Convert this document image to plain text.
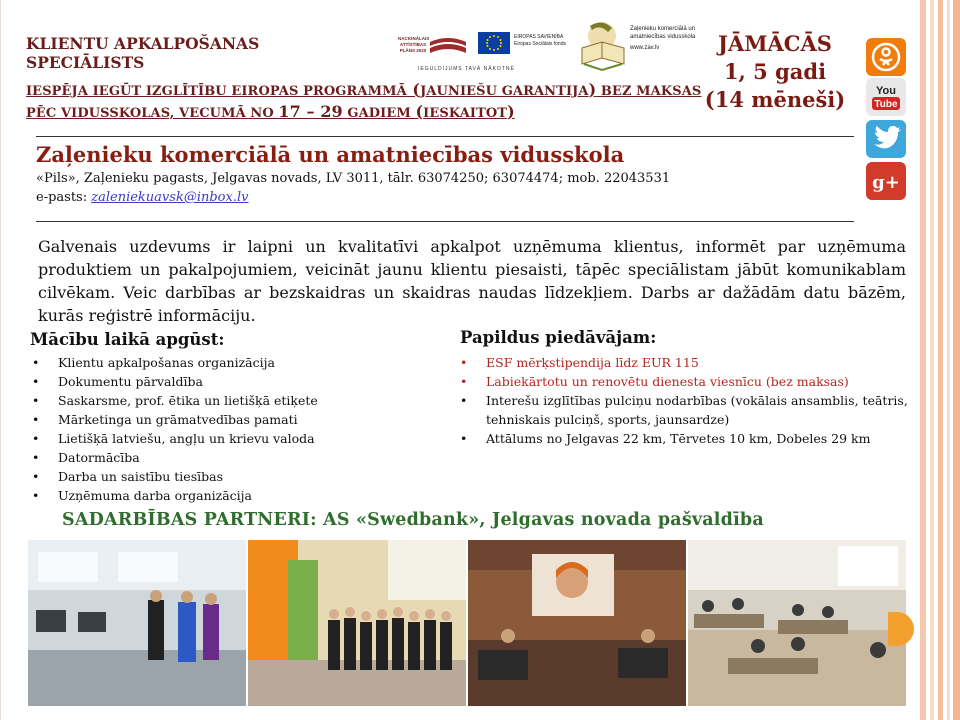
KLIENTU APKALPOŠANAS
SPECIĀLISTS
IESPĒJA IEGŪT IZGLĪTĪBU EIROPAS PROGRAMMĀ (JAUNIEŠU GARANTIJA) BEZ MAKSAS PĒC VIDUSSKOLAS, VECUMĀ NO 17 – 29 GADIEM (IESKAITOT)
NACIONĀLAIS ATTĪSTĪBAS PLĀNS 2020
EIROPAS SAVIENĪBA
Eiropas Sociālais fonds
IEGULDĪJUMS TAVĀ NĀKOTNĒ
Zaļenieku komerciālā un amatniecības vidusskola
www.zav.lv	JĀMĀCĀS
1, 5 gadi
(14 mēneši)	You
Tube
g+
Zaļenieku komerciālā un amatniecības vidusskola
«Pils», Zaļenieku pagasts, Jelgavas novads, LV 3011, tālr. 63074250; 63074474; mob. 22043531
e-pasts: zaleniekuavsk@inbox.lv
Galvenais uzdevums ir laipni un kvalitatīvi apkalpot uzņēmuma klientus, informēt par uzņēmuma produktiem un pakalpojumiem, veicināt jaunu klientu piesaisti, tāpēc speciālistam jābūt komunikablam cilvēkam. Veic darbības ar bezskaidras un skaidras naudas līdzekļiem. Darbs ar dažādām datu bāzēm, kurās reģistrē informāciju.
Mācību laikā apgūst:
• Klientu apkalpošanas organizācija
• Dokumentu pārvaldība
• Saskarsme, prof. ētika un lietišķā etiķete
• Mārketinga un grāmatvedības pamati
• Lietišķā latviešu, angļu un krievu valoda
• Datormācība
• Darba un saistību tiesības
• Uzņēmuma darba organizācija
Papildus piedāvājam:
• ESF mērķstipendija līdz EUR 115
• Labiekārtotu un renovētu dienesta viesnīcu (bez maksas)
• Interešu izglītības pulciņu nodarbības (vokālais ansamblis, teātris, tehniskais pulciņš, sports, jaunsardze)
• Attālums no Jelgavas 22 km, Tērvetes 10 km, Dobeles 29 km
SADARBĪBAS PARTNERI: AS «Swedbank», Jelgavas novada pašvaldība
